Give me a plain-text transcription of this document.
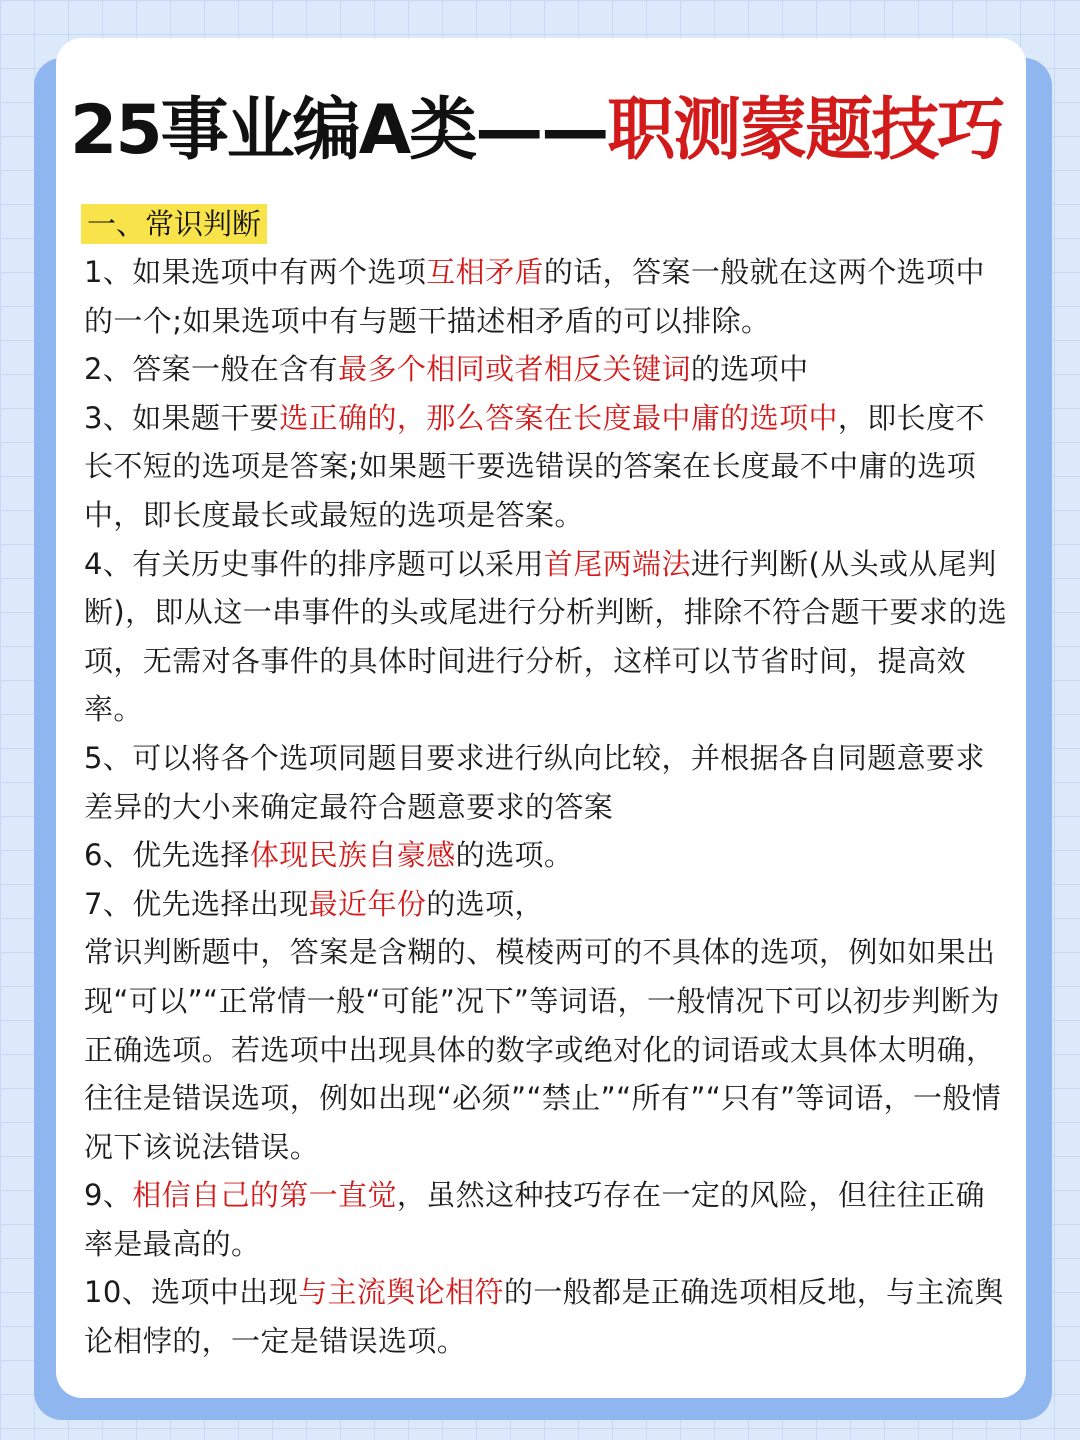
25事业编A类——职测蒙题技巧
一、常识判断

1、如果选项中有两个选项互相矛盾的话，答案一般就在这两个选项中的一个;如果选项中有与题干描述相矛盾的可以排除。

2、答案一般在含有最多个相同或者相反关键词的选项中

3、如果题干要选正确的，那么答案在长度最中庸的选项中，即长度不长不短的选项是答案;如果题干要选错误的答案在长度最不中庸的选项中，即长度最长或最短的选项是答案。

4、有关历史事件的排序题可以采用首尾两端法进行判断(从头或从尾判断)，即从这一串事件的头或尾进行分析判断，排除不符合题干要求的选项，无需对各事件的具体时间进行分析，这样可以节省时间，提高效率。

5、可以将各个选项同题目要求进行纵向比较，并根据各自同题意要求差异的大小来确定最符合题意要求的答案

6、优先选择体现民族自豪感的选项。

7、优先选择出现最近年份的选项，

常识判断题中，答案是含糊的、模棱两可的不具体的选项，例如如果出现“可以”“正常情一般“可能”况下”等词语，一般情况下可以初步判断为正确选项。若选项中出现具体的数字或绝对化的词语或太具体太明确，往往是错误选项，例如出现“必须”“禁止”“所有”“只有”等词语，一般情况下该说法错误。

9、相信自己的第一直觉，虽然这种技巧存在一定的风险，但往往正确率是最高的。

10、选项中出现与主流舆论相符的一般都是正确选项相反地，与主流舆论相悖的，一定是错误选项。
